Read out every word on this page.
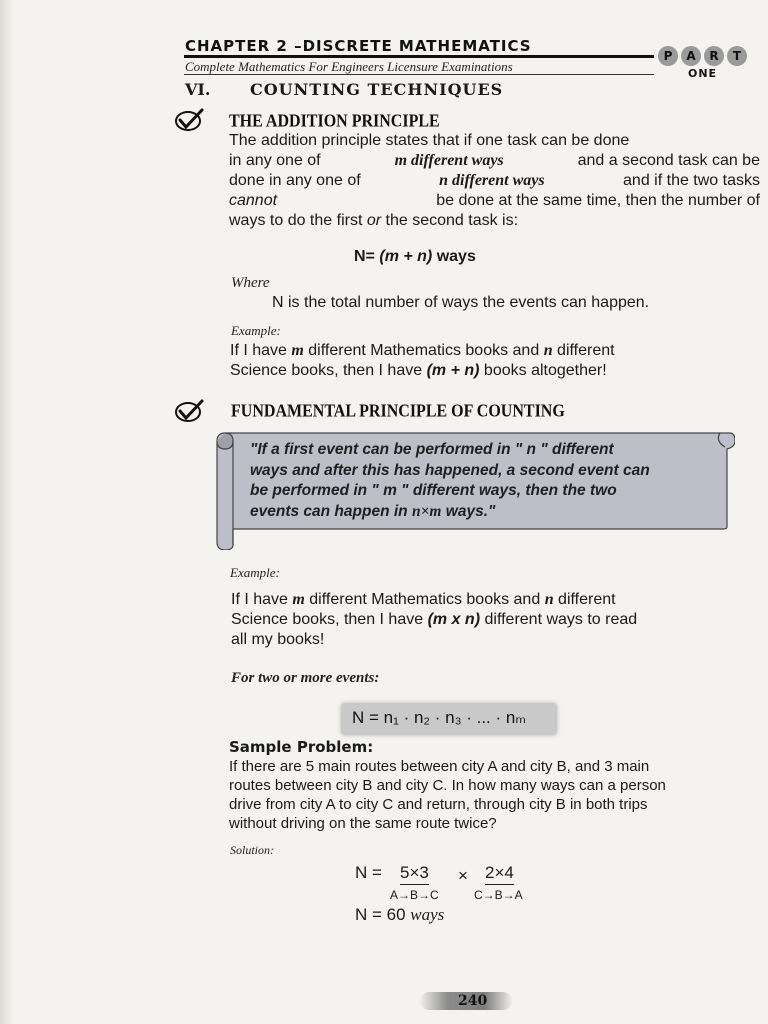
CHAPTER 2 –DISCRETE MATHEMATICS
Complete Mathematics For Engineers Licensure Examinations
P	A	R	T
ONE
VI. COUNTING TECHNIQUES
THE ADDITION PRINCIPLE
The addition principle states that if one task can be done
in any one of	m different ways	and a second task can be
done in any one of	n different ways	and if the two tasks
cannot	be done at the same time, then the number of
ways to do the first or the second task is:
N= (m + n) ways
Where
N is the total number of ways the events can happen.
Example:
If I have m different Mathematics books and n different
Science books, then I have (m + n) books altogether!
FUNDAMENTAL PRINCIPLE OF COUNTING
"If a first event can be performed in " n " different
ways and after this has happened, a second event can
be performed in " m " different ways, then the two
events can happen in n×m ways."
Example:
If I have m different Mathematics books and n different
Science books, then I have (m x n) different ways to read
all my books!
For two or more events:
N = n₁ · n₂ · n₃ · ... · nₘ
Sample Problem:
If there are 5 main routes between city A and city B, and 3 main
routes between city B and city C. In how many ways can a person
drive from city A to city C and return, through city B in both trips
without driving on the same route twice?
Solution:
N = 5×3 × 2×4
A→B→C	C→B→A
N = 60 ways
240
